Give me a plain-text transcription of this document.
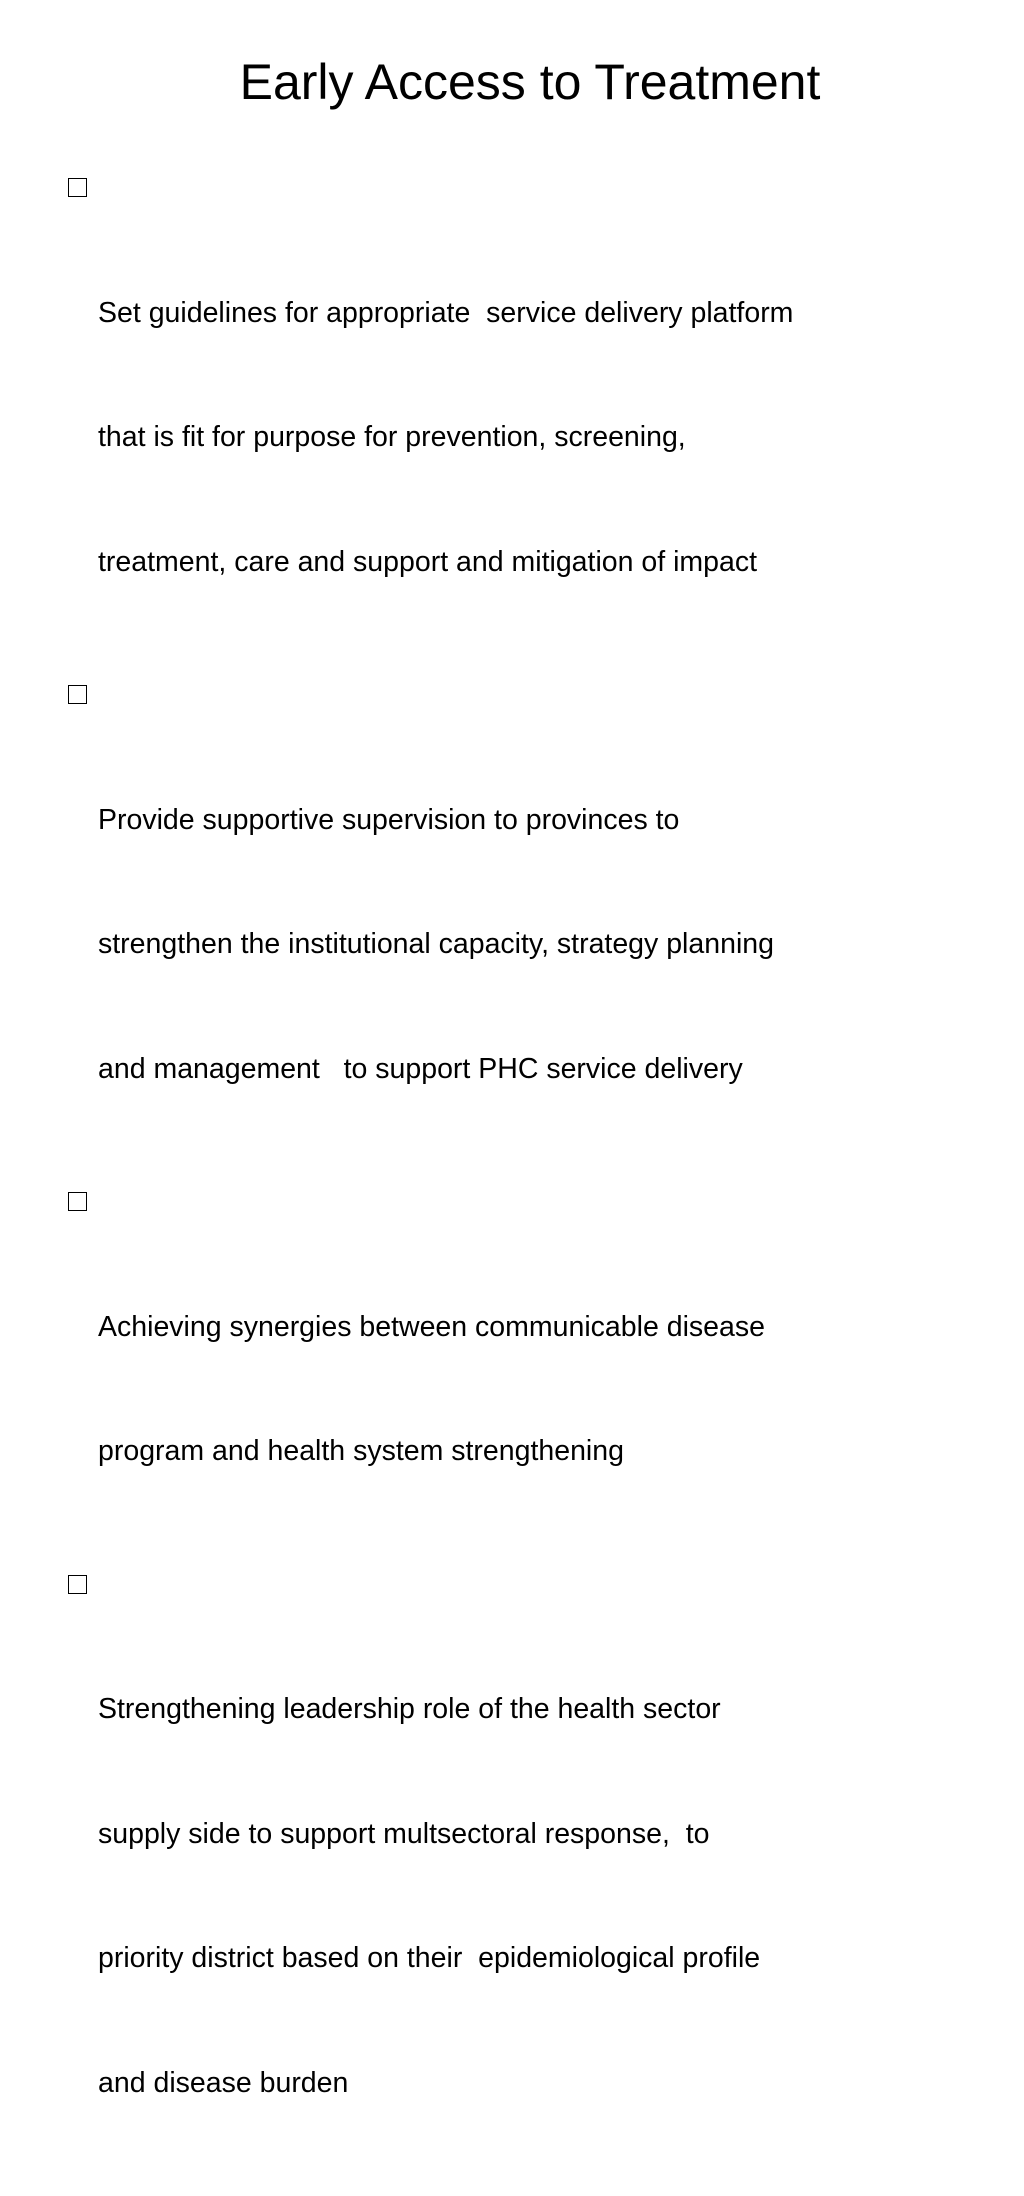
Early Access to Treatment

Set guidelines for appropriate  service delivery platform

that is fit for purpose for prevention, screening,

treatment, care and support and mitigation of impact

Provide supportive supervision to provinces to

strengthen the institutional capacity, strategy planning

and management   to support PHC service delivery

Achieving synergies between communicable disease

program and health system strengthening

Strengthening leadership role of the health sector

supply side to support multsectoral response,  to

priority district based on their  epidemiological profile

and disease burden
